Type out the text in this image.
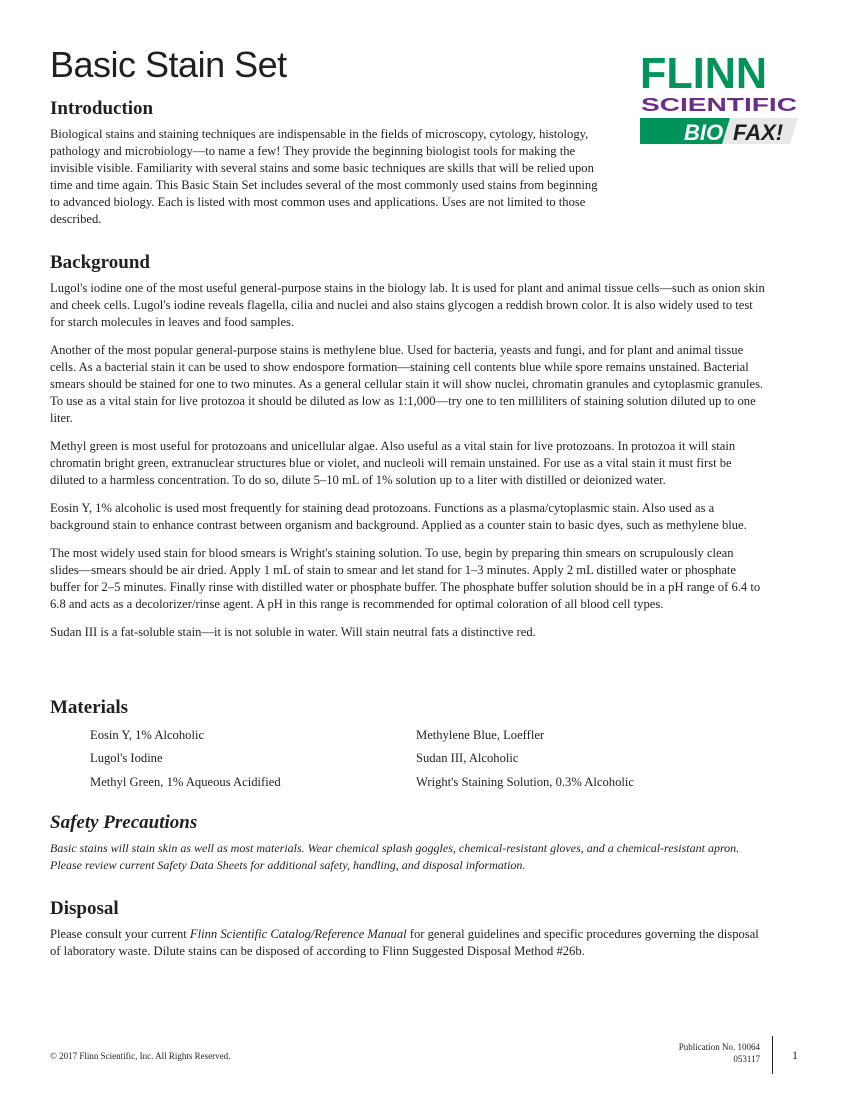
Basic Stain Set	FLINN
SCIENTIFIC
BIO FAX!
Introduction

Biological stains and staining techniques are indispensable in the fields of microscopy, cytology, histology, pathology and microbiology—to name a few! They provide the beginning biologist tools for making the invisible visible. Familiarity with several stains and some basic techniques are skills that will be relied upon time and time again. This Basic Stain Set includes several of the most commonly used stains from beginning to advanced biology. Each is listed with most common uses and applications. Uses are not limited to those described.

Background

Lugol's iodine one of the most useful general-purpose stains in the biology lab. It is used for plant and animal tissue cells—such as onion skin and cheek cells. Lugol's iodine reveals flagella, cilia and nuclei and also stains glycogen a reddish brown color. It is also widely used to test for starch molecules in leaves and food samples.

Another of the most popular general-purpose stains is methylene blue. Used for bacteria, yeasts and fungi, and for plant and animal tissue cells. As a bacterial stain it can be used to show endospore formation—staining cell contents blue while spore remains unstained. Bacterial smears should be stained for one to two minutes. As a general cellular stain it will show nuclei, chromatin granules and cytoplasmic granules. To use as a vital stain for live protozoa it should be diluted as low as 1:1,000—try one to ten milliliters of staining solution diluted up to one liter.

Methyl green is most useful for protozoans and unicellular algae. Also useful as a vital stain for live protozoans. In protozoa it will stain chromatin bright green, extranuclear structures blue or violet, and nucleoli will remain unstained. For use as a vital stain it must first be diluted to a harmless concentration. To do so, dilute 5–10 mL of 1% solution up to a liter with distilled or deionized water.

Eosin Y, 1% alcoholic is used most frequently for staining dead protozoans. Functions as a plasma/cytoplasmic stain. Also used as a background stain to enhance contrast between organism and background. Applied as a counter stain to basic dyes, such as methylene blue.

The most widely used stain for blood smears is Wright's staining solution. To use, begin by preparing thin smears on scrupulously clean slides—smears should be air dried. Apply 1 mL of stain to smear and let stand for 1–3 minutes. Apply 2 mL distilled water or phosphate buffer for 2–5 minutes. Finally rinse with distilled water or phosphate buffer. The phosphate buffer solution should be in a pH range of 6.4 to 6.8 and acts as a decolorizer/rinse agent. A pH in this range is recommended for optimal coloration of all blood cell types.

Sudan III is a fat-soluble stain—it is not soluble in water. Will stain neutral fats a distinctive red.

Materials
Eosin Y, 1% Alcoholic
Lugol's Iodine
Methyl Green, 1% Aqueous Acidified
Methylene Blue, Loeffler
Sudan III, Alcoholic
Wright's Staining Solution, 0.3% Alcoholic
Safety Precautions

Basic stains will stain skin as well as most materials. Wear chemical splash goggles, chemical-resistant gloves, and a chemical-resistant apron. Please review current Safety Data Sheets for additional safety, handling, and disposal information.

Disposal

Please consult your current Flinn Scientific Catalog/Reference Manual for general guidelines and specific procedures governing the disposal of laboratory waste. Dilute stains can be disposed of according to Flinn Suggested Disposal Method #26b.

© 2017 Flinn Scientific, Inc. All Rights Reserved.
Publication No. 10064
053117	1
